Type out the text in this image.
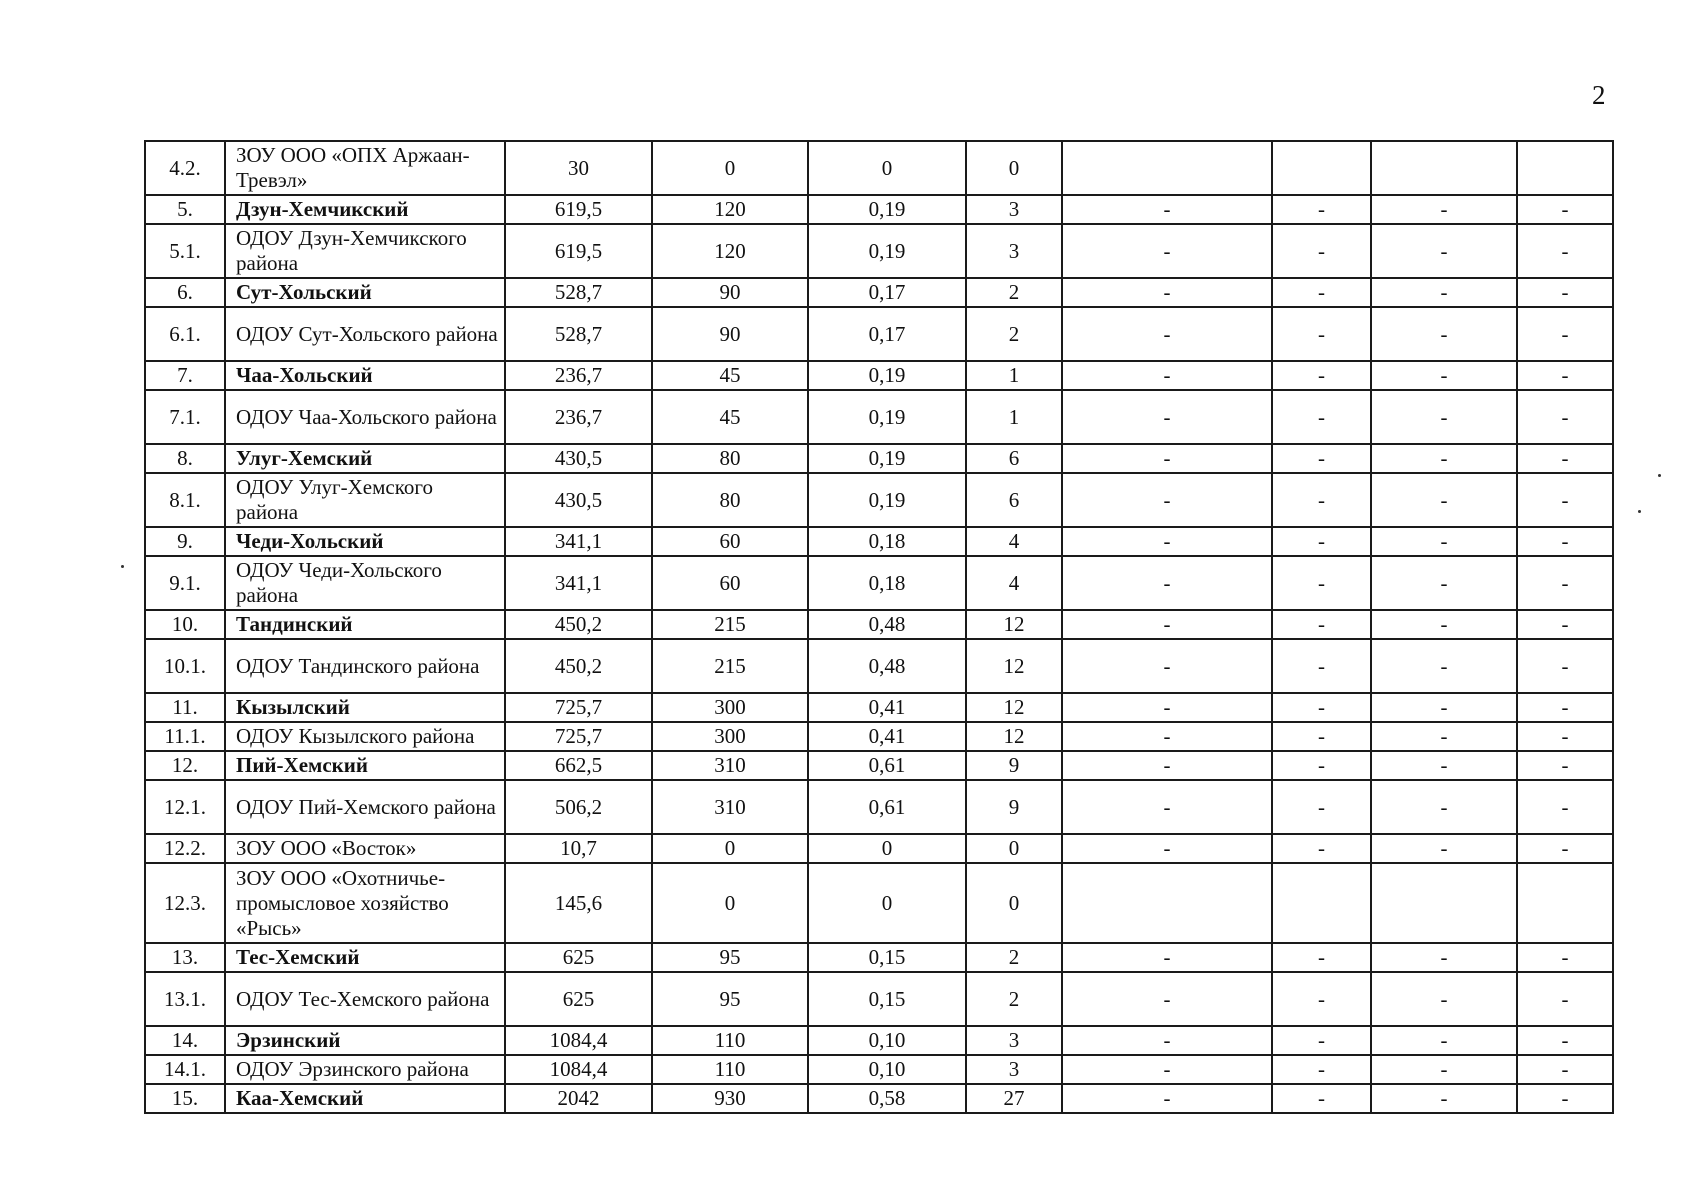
2
4.2.	ЗОУ ООО «ОПХ Аржаан-Тревэл»	30	0	0	0				
5.	Дзун-Хемчикский	619,5	120	0,19	3	-	-	-	-
5.1.	ОДОУ Дзун-Хемчикского района	619,5	120	0,19	3	-	-	-	-
6.	Сут-Хольский	528,7	90	0,17	2	-	-	-	-
6.1.	ОДОУ Сут-Хольского района	528,7	90	0,17	2	-	-	-	-
7.	Чаа-Хольский	236,7	45	0,19	1	-	-	-	-
7.1.	ОДОУ Чаа-Хольского района	236,7	45	0,19	1	-	-	-	-
8.	Улуг-Хемский	430,5	80	0,19	6	-	-	-	-
8.1.	ОДОУ Улуг-Хемского района	430,5	80	0,19	6	-	-	-	-
9.	Чеди-Хольский	341,1	60	0,18	4	-	-	-	-
9.1.	ОДОУ Чеди-Хольского района	341,1	60	0,18	4	-	-	-	-
10.	Тандинский	450,2	215	0,48	12	-	-	-	-
10.1.	ОДОУ Тандинского района	450,2	215	0,48	12	-	-	-	-
11.	Кызылский	725,7	300	0,41	12	-	-	-	-
11.1.	ОДОУ Кызылского района	725,7	300	0,41	12	-	-	-	-
12.	Пий-Хемский	662,5	310	0,61	9	-	-	-	-
12.1.	ОДОУ Пий-Хемского района	506,2	310	0,61	9	-	-	-	-
12.2.	ЗОУ ООО «Восток»	10,7	0	0	0	-	-	-	-
12.3.	ЗОУ ООО «Охотничье-промысловое хозяйство «Рысь»	145,6	0	0	0				
13.	Тес-Хемский	625	95	0,15	2	-	-	-	-
13.1.	ОДОУ Тес-Хемского района	625	95	0,15	2	-	-	-	-
14.	Эрзинский	1084,4	110	0,10	3	-	-	-	-
14.1.	ОДОУ Эрзинского района	1084,4	110	0,10	3	-	-	-	-
15.	Каа-Хемский	2042	930	0,58	27	-	-	-	-
